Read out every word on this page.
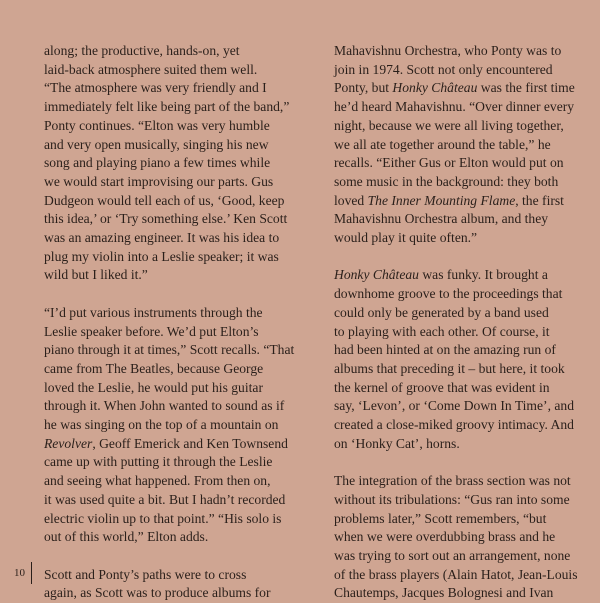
along; the productive, hands-on, yet
laid-back atmosphere suited them well.
“The atmosphere was very friendly and I
immediately felt like being part of the band,”
Ponty continues. “Elton was very humble
and very open musically, singing his new
song and playing piano a few times while
we would start improvising our parts. Gus
Dudgeon would tell each of us, ‘Good, keep
this idea,’ or ‘Try something else.’ Ken Scott
was an amazing engineer. It was his idea to
plug my violin into a Leslie speaker; it was
wild but I liked it.”

“I’d put various instruments through the
Leslie speaker before. We’d put Elton’s
piano through it at times,” Scott recalls. “That
came from The Beatles, because George
loved the Leslie, he would put his guitar
through it. When John wanted to sound as if
he was singing on the top of a mountain on
Revolver, Geoff Emerick and Ken Townsend
came up with putting it through the Leslie
and seeing what happened. From then on,
it was used quite a bit. But I hadn’t recorded
electric violin up to that point.” “His solo is
out of this world,” Elton adds.

Scott and Ponty’s paths were to cross
again, as Scott was to produce albums for

Mahavishnu Orchestra, who Ponty was to
join in 1974. Scott not only encountered
Ponty, but Honky Château was the first time
he’d heard Mahavishnu. “Over dinner every
night, because we were all living together,
we all ate together around the table,” he
recalls. “Either Gus or Elton would put on
some music in the background: they both
loved The Inner Mounting Flame, the first
Mahavishnu Orchestra album, and they
would play it quite often.”

Honky Château was funky. It brought a
downhome groove to the proceedings that
could only be generated by a band used
to playing with each other. Of course, it
had been hinted at on the amazing run of
albums that preceding it – but here, it took
the kernel of groove that was evident in
say, ‘Levon’, or ‘Come Down In Time’, and
created a close-miked groovy intimacy. And
on ‘Honky Cat’, horns.

The integration of the brass section was not
without its tribulations: “Gus ran into some
problems later,” Scott remembers, “but
when we were overdubbing brass and he
was trying to sort out an arrangement, none
of the brass players (Alain Hatot, Jean-Louis
Chautemps, Jacques Bolognesi and Ivan

10
